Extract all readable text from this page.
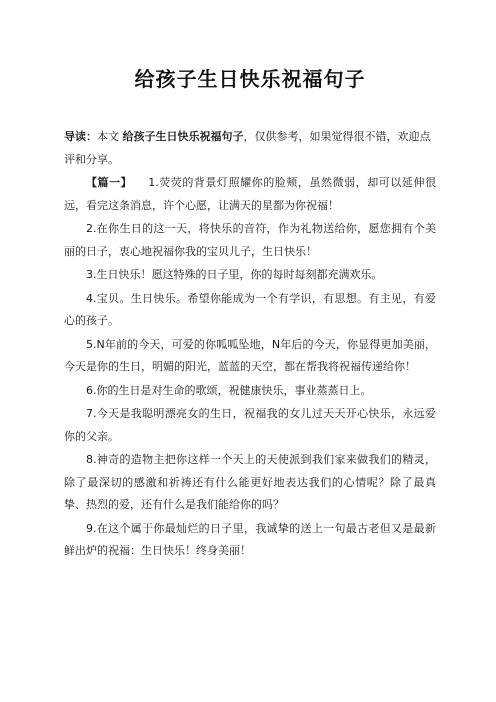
给孩子生日快乐祝福句子
导读：本文 给孩子生日快乐祝福句子，仅供参考，如果觉得很不错，欢迎点评和分享。

【篇一】 1.荧荧的背景灯照耀你的脸颊，虽然微弱，却可以延伸很远，看完这条消息，许个心愿，让满天的星都为你祝福！

2.在你生日的这一天，将快乐的音符，作为礼物送给你，愿您拥有个美丽的日子，衷心地祝福你我的宝贝儿子，生日快乐！

3.生日快乐！愿这特殊的日子里，你的每时每刻都充满欢乐。

4.宝贝。生日快乐。希望你能成为一个有学识，有思想。有主见，有爱心的孩子。

5.N年前的今天，可爱的你呱呱坠地，N年后的今天，你显得更加美丽，今天是你的生日，明媚的阳光，蓝蓝的天空，都在帮我将祝福传递给你！

6.你的生日是对生命的歌颂，祝健康快乐，事业蒸蒸日上。

7.今天是我聪明漂亮女的生日，祝福我的女儿过天天开心快乐，永远爱你的父亲。

8.神奇的造物主把你这样一个天上的天使派到我们家来做我们的精灵，除了最深切的感激和祈祷还有什么能更好地表达我们的心情呢？除了最真挚、热烈的爱，还有什么是我们能给你的吗？

9.在这个属于你最灿烂的日子里，我诚挚的送上一句最古老但又是最新鲜出炉的祝福：生日快乐！终身美丽！
